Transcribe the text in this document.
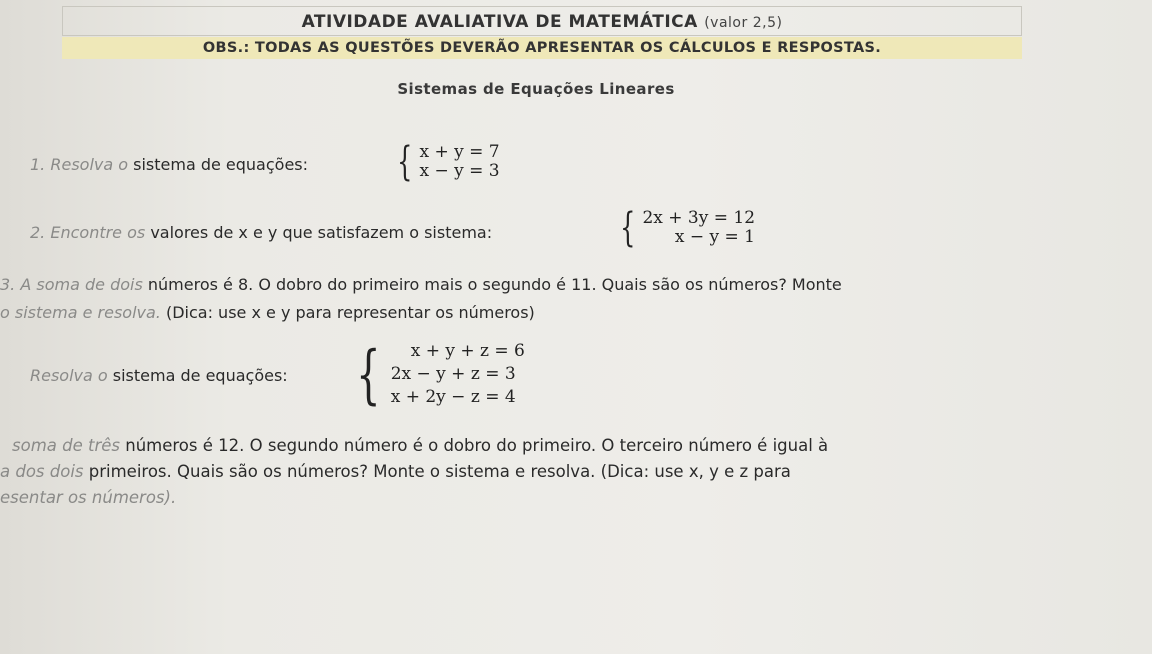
ATIVIDADE AVALIATIVA DE MATEMÁTICA (valor 2,5)
OBS.: TODAS AS QUESTÕES DEVERÃO APRESENTAR OS CÁLCULOS E RESPOSTAS.
Sistemas de Equações Lineares
1. Resolva o sistema de equações: { x + y = 7
x − y = 3
2. Encontre os valores de x e y que satisfazem o sistema:	{ 2x + 3y = 12
x − y = 1
3. A soma de dois números é 8. O dobro do primeiro mais o segundo é 11. Quais são os números? Monte
o sistema e resolva. (Dica: use x e y para representar os números)
Resolva o sistema de equações: {	x + y + z = 6
2x − y + z = 3
x + 2y − z = 4
soma de três números é 12. O segundo número é o dobro do primeiro. O terceiro número é igual à
a dos dois primeiros. Quais são os números? Monte o sistema e resolva. (Dica: use x, y e z para
esentar os números).
